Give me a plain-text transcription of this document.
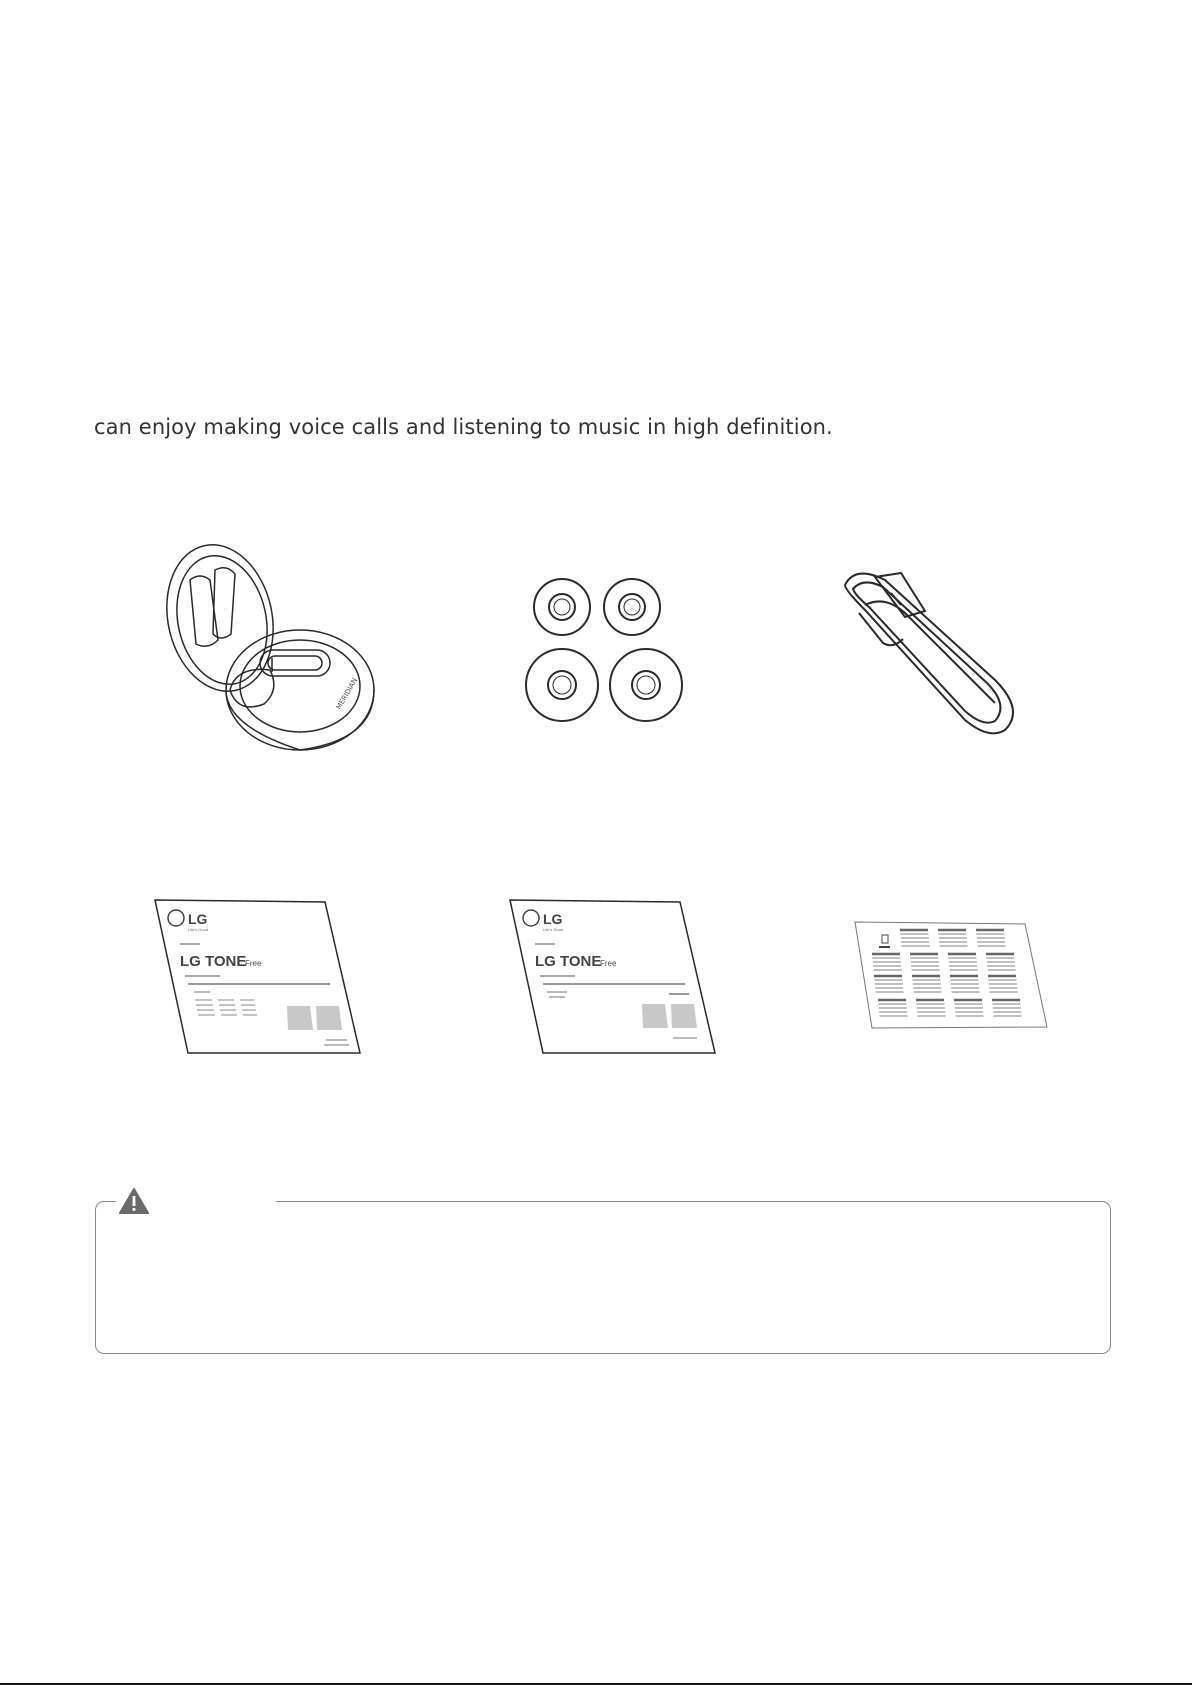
can enjoy making voice calls and listening to music in high definition.
MERIDIAN
LG
Life's Good
LG TONE
Free
LG
Life's Good
LG TONE
Free
